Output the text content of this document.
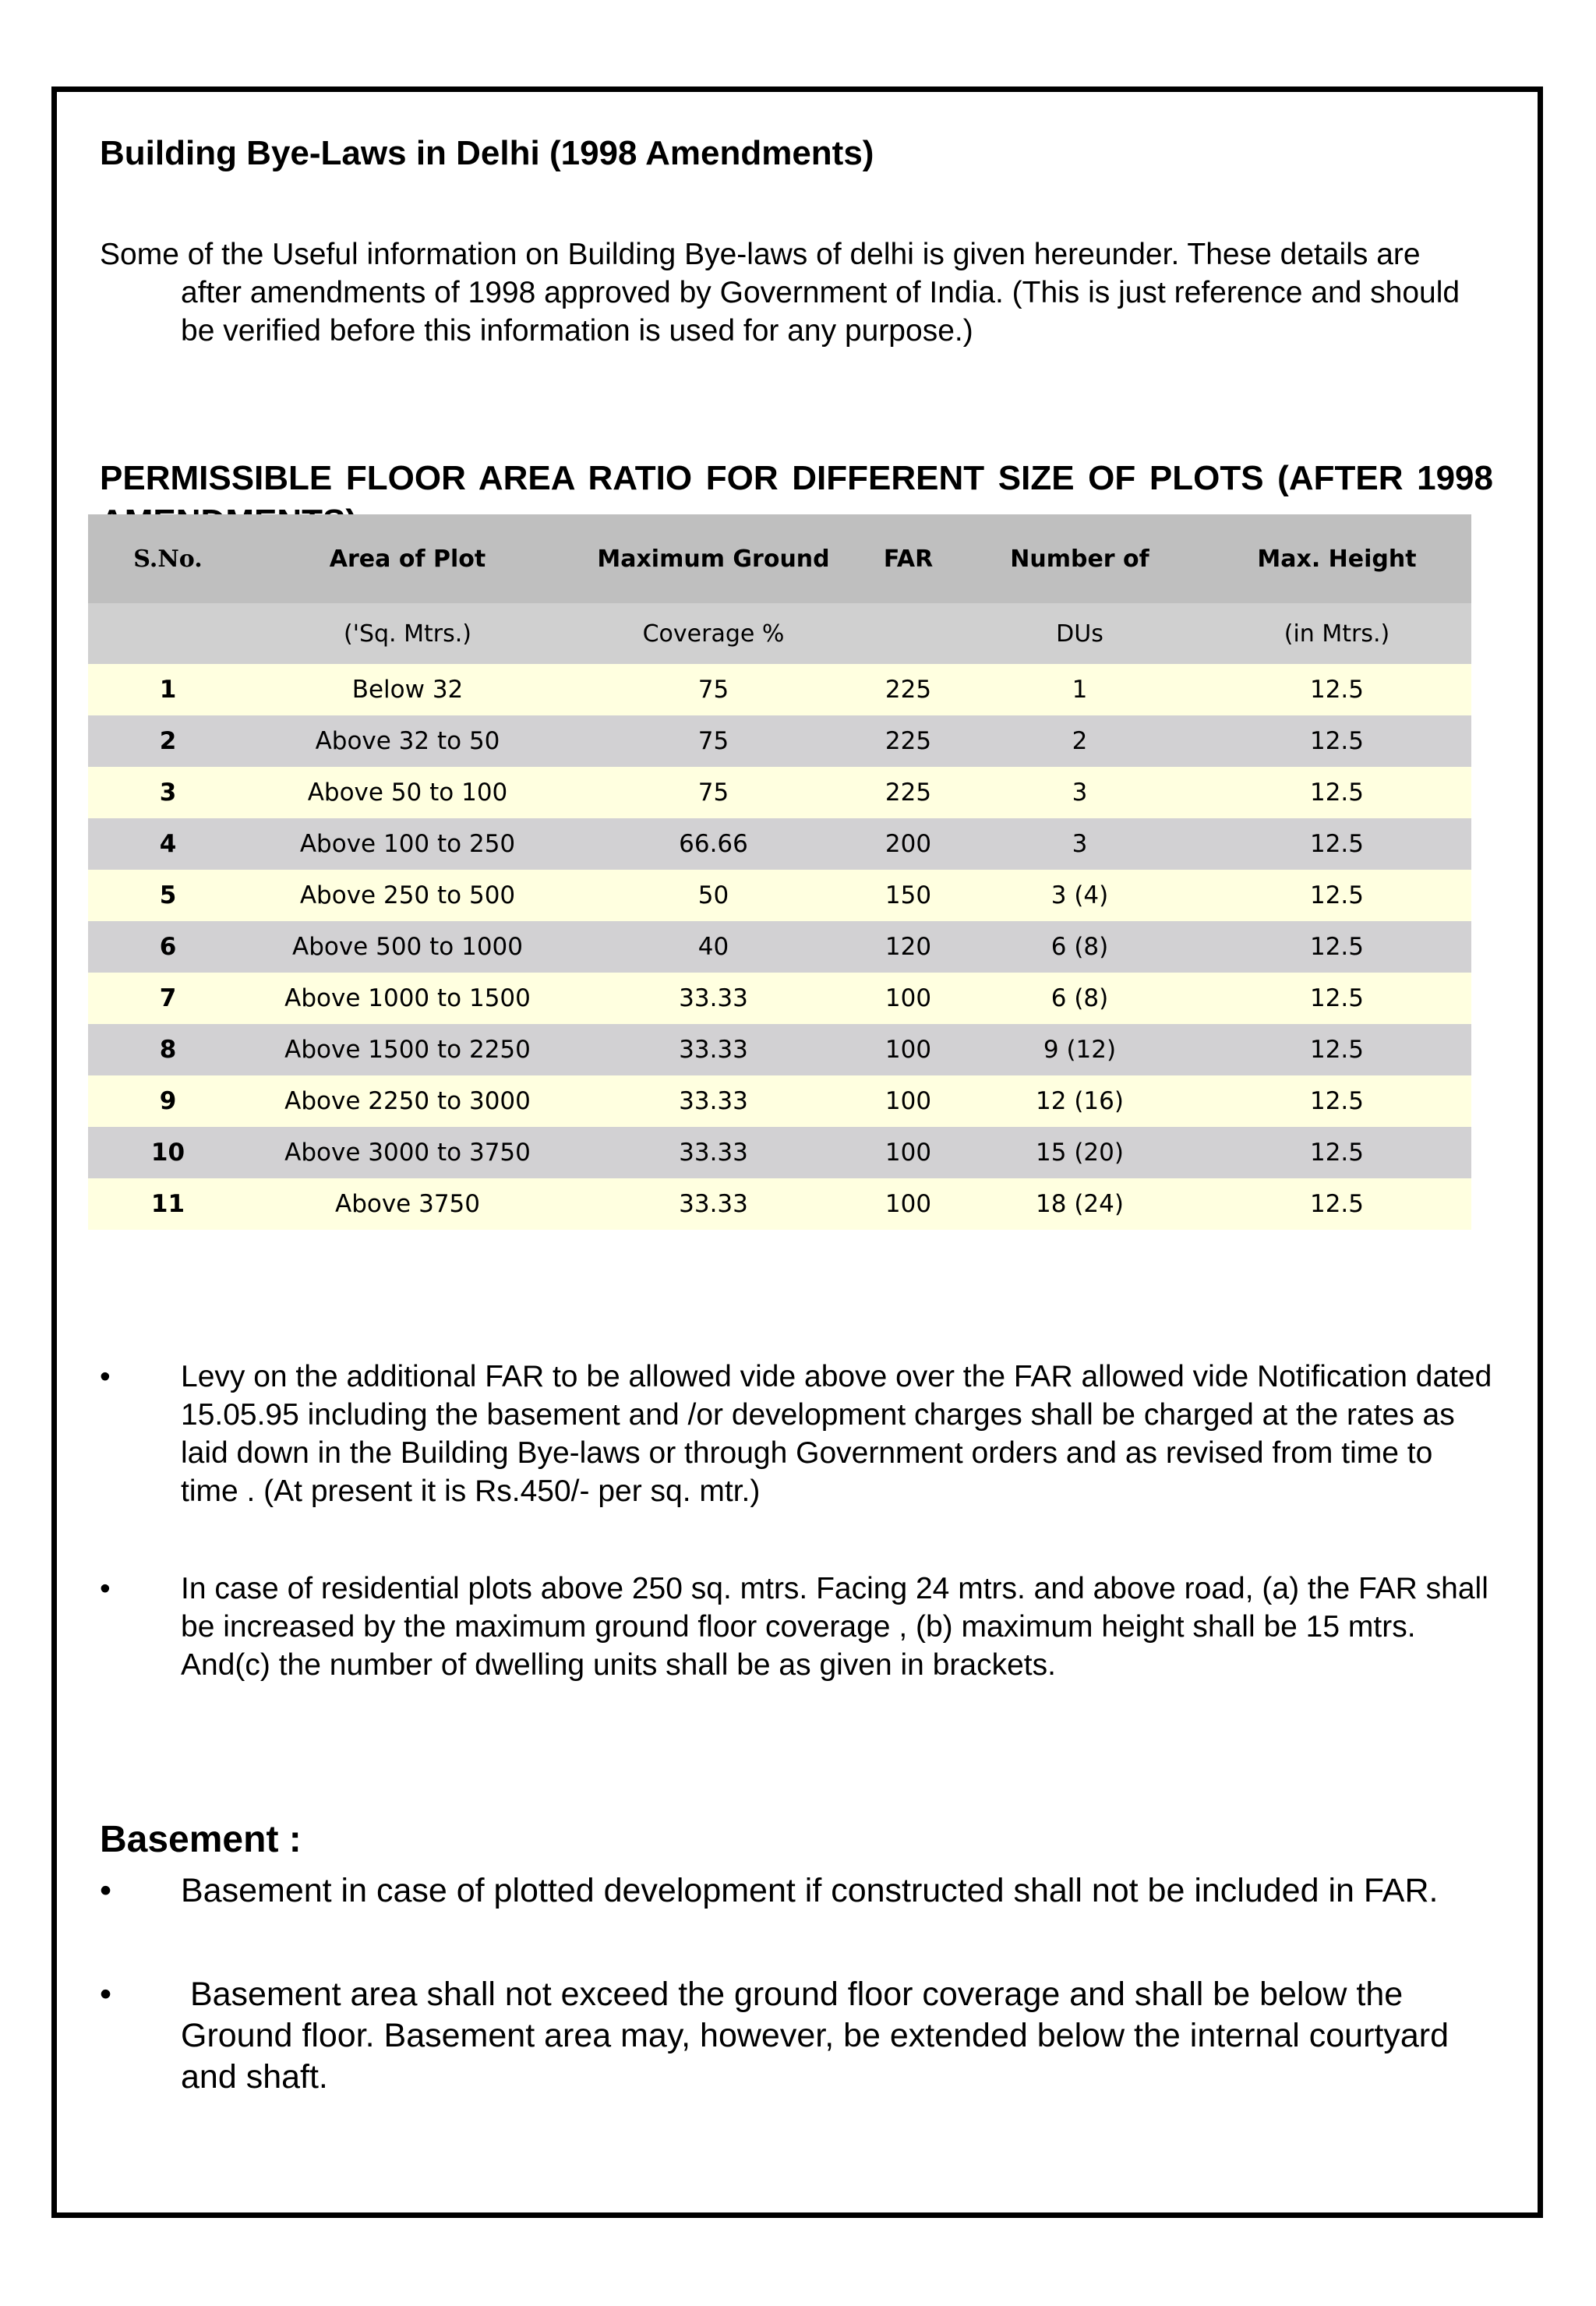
Building Bye-Laws in Delhi (1998 Amendments)
Some of the Useful information on Building Bye-laws of delhi is given hereunder. These details are after amendments of 1998 approved by Government of India. (This is just reference and should be verified before this information is used for any purpose.)
PERMISSIBLE FLOOR AREA RATIO FOR DIFFERENT SIZE OF PLOTS (AFTER 1998
S.No.	Area of Plot	Maximum Ground	FAR	Number of	Max. Height
	('Sq. Mtrs.)	Coverage %		DUs	(in Mtrs.)
1	Below 32	75	225	1	12.5
2	Above 32 to 50	75	225	2	12.5
3	Above 50 to 100	75	225	3	12.5
4	Above 100 to 250	66.66	200	3	12.5
5	Above 250 to 500	50	150	3 (4)	12.5
6	Above 500 to 1000	40	120	6 (8)	12.5
7	Above 1000 to 1500	33.33	100	6 (8)	12.5
8	Above 1500 to 2250	33.33	100	9 (12)	12.5
9	Above 2250 to 3000	33.33	100	12 (16)	12.5
10	Above 3000 to 3750	33.33	100	15 (20)	12.5
11	Above 3750	33.33	100	18 (24)	12.5
• Levy on the additional FAR to be allowed vide above over the FAR allowed vide Notification dated 15.05.95 including the basement and /or development charges shall be charged at the rates as laid down in the Building Bye-laws or through Government orders and as revised from time to time . (At present it is Rs.450/- per sq. mtr.)
• In case of residential plots above 250 sq. mtrs. Facing 24 mtrs. and above road, (a) the FAR shall be increased by the maximum ground floor coverage , (b) maximum height shall be 15 mtrs. And(c) the number of dwelling units shall be as given in brackets.
Basement :
• Basement in case of plotted development if constructed shall not be included in FAR.
• Basement area shall not exceed the ground floor coverage and shall be below the Ground floor. Basement area may, however, be extended below the internal courtyard and shaft.
